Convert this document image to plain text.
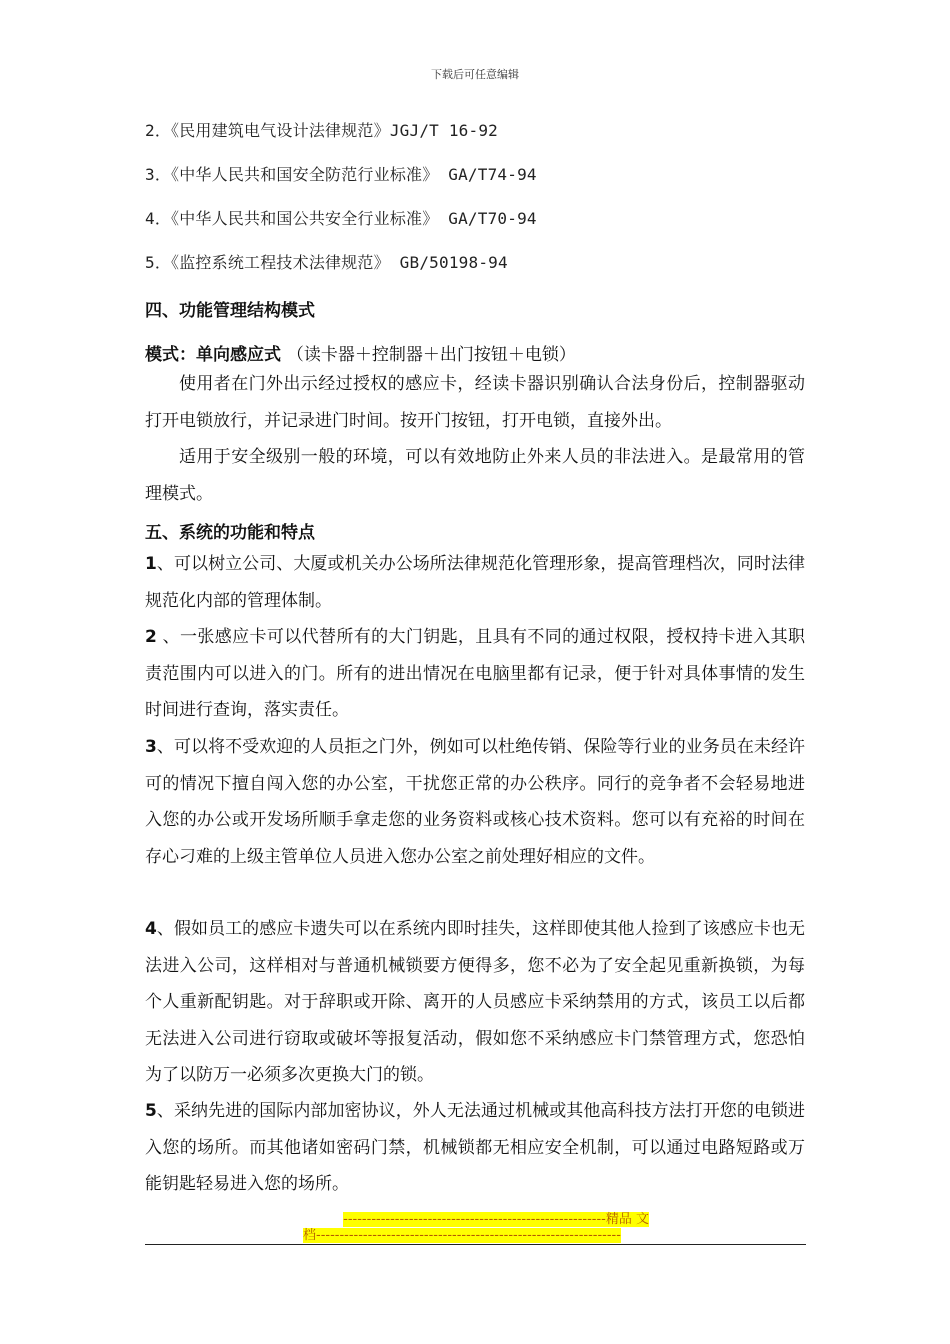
下载后可任意编辑
2．《民用建筑电气设计法律规范》JGJ/T 16-92
3．《中华人民共和国安全防范行业标准》 GA/T74-94
4．《中华人民共和国公共安全行业标准》 GA/T70-94
5．《监控系统工程技术法律规范》 GB/50198-94
四、功能管理结构模式
模式：单向感应式 （读卡器＋控制器＋出门按钮＋电锁）

使用者在门外出示经过授权的感应卡，经读卡器识别确认合法身份后，控制器驱动打开电锁放行，并记录进门时间。按开门按钮，打开电锁，直接外出。

适用于安全级别一般的环境，可以有效地防止外来人员的非法进入。是最常用的管理模式。

五、系统的功能和特点

1、可以树立公司、大厦或机关办公场所法律规范化管理形象，提高管理档次，同时法律规范化内部的管理体制。

2 、一张感应卡可以代替所有的大门钥匙，且具有不同的通过权限，授权持卡进入其职责范围内可以进入的门。所有的进出情况在电脑里都有记录，便于针对具体事情的发生时间进行查询，落实责任。

3、可以将不受欢迎的人员拒之门外，例如可以杜绝传销、保险等行业的业务员在未经许可的情况下擅自闯入您的办公室，干扰您正常的办公秩序。同行的竞争者不会轻易地进入您的办公或开发场所顺手拿走您的业务资料或核心技术资料。您可以有充裕的时间在存心刁难的上级主管单位人员进入您办公室之前处理好相应的文件。

4、假如员工的感应卡遗失可以在系统内即时挂失，这样即使其他人捡到了该感应卡也无法进入公司，这样相对与普通机械锁要方便得多，您不必为了安全起见重新换锁，为每个人重新配钥匙。对于辞职或开除、离开的人员感应卡采纳禁用的方式，该员工以后都无法进入公司进行窃取或破坏等报复活动，假如您不采纳感应卡门禁管理方式，您恐怕为了以防万一必须多次更换大门的锁。

5、采纳先进的国际内部加密协议，外人无法通过机械或其他高科技方法打开您的电锁进入您的场所。而其他诸如密码门禁，机械锁都无相应安全机制，可以通过电路短路或万能钥匙轻易进入您的场所。

--------------------------------------------------------精品 文
档-----------------------------------------------------------------
